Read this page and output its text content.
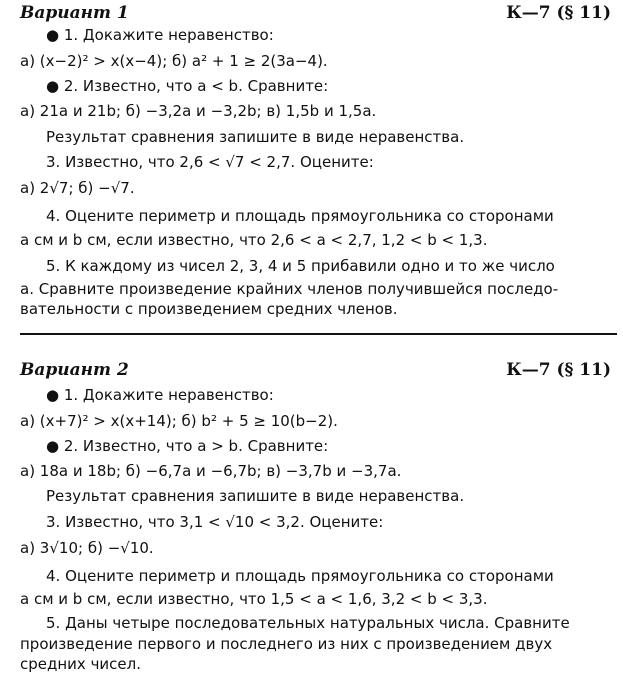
Вариант 1	К—7 (§ 11)
● 1. Докажите неравенство:
а) (x−2)² > x(x−4); б) a² + 1 ≥ 2(3a−4).
● 2. Известно, что a < b. Сравните:
а) 21a и 21b; б) −3,2a и −3,2b; в) 1,5b и 1,5a.
Результат сравнения запишите в виде неравенства.
3. Известно, что 2,6 < √7 < 2,7. Оцените:
а) 2√7; б) −√7.
4. Оцените периметр и площадь прямоугольника со сторонами
a см и b см, если известно, что 2,6 < a < 2,7, 1,2 < b < 1,3.
5. К каждому из чисел 2, 3, 4 и 5 прибавили одно и то же число
a. Сравните произведение крайних членов получившейся последо-
вательности с произведением средних членов.
Вариант 2	К—7 (§ 11)
● 1. Докажите неравенство:
а) (x+7)² > x(x+14); б) b² + 5 ≥ 10(b−2).
● 2. Известно, что a > b. Сравните:
а) 18a и 18b; б) −6,7a и −6,7b; в) −3,7b и −3,7a.
Результат сравнения запишите в виде неравенства.
3. Известно, что 3,1 < √10 < 3,2. Оцените:
а) 3√10; б) −√10.
4. Оцените периметр и площадь прямоугольника со сторонами
a см и b см, если известно, что 1,5 < a < 1,6, 3,2 < b < 3,3.
5. Даны четыре последовательных натуральных числа. Сравните
произведение первого и последнего из них с произведением двух
средних чисел.
